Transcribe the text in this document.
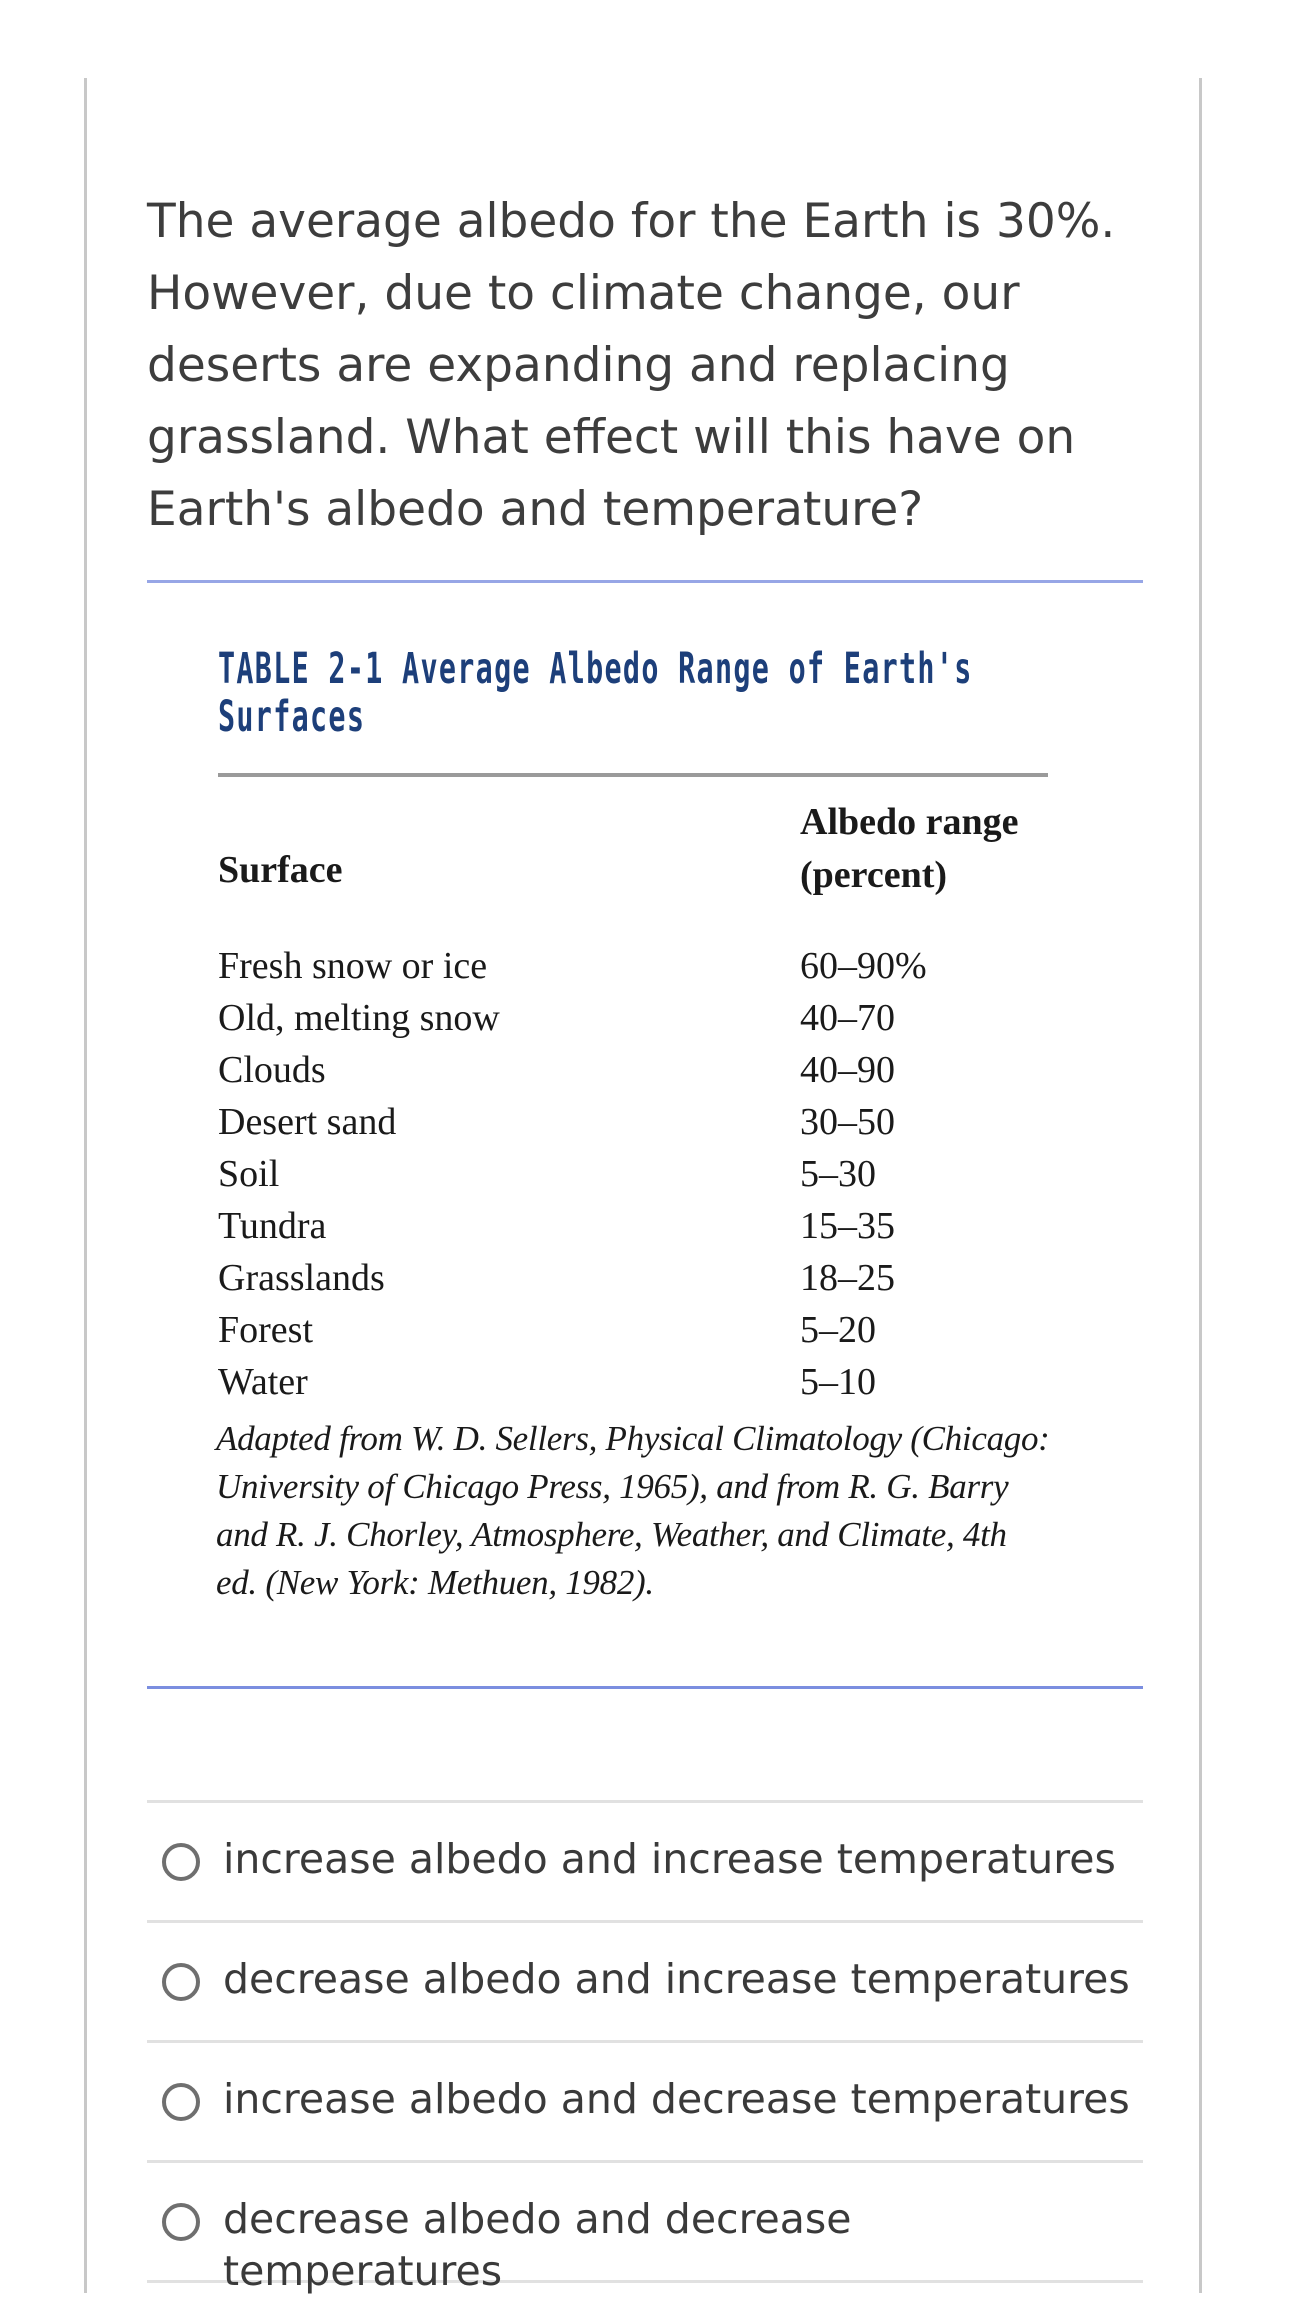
The average albedo for the Earth is 30%. However, due to climate change, our deserts are expanding and replacing grassland. What effect will this have on Earth's albedo and temperature?

TABLE 2-1 Average Albedo Range of Earth's
Surfaces
Surface
Albedo range
(percent)
Fresh snow or ice	60–90%
Old, melting snow	40–70
Clouds	40–90
Desert sand	30–50
Soil	5–30
Tundra	15–35
Grasslands	18–25
Forest	5–20
Water	5–10
Adapted from W. D. Sellers, Physical Climatology (Chicago: University of Chicago Press, 1965), and from R. G. Barry and R. J. Chorley, Atmosphere, Weather, and Climate, 4th ed. (New York: Methuen, 1982).
increase albedo and increase temperatures
decrease albedo and increase temperatures
increase albedo and decrease temperatures
decrease albedo and decrease temperatures
